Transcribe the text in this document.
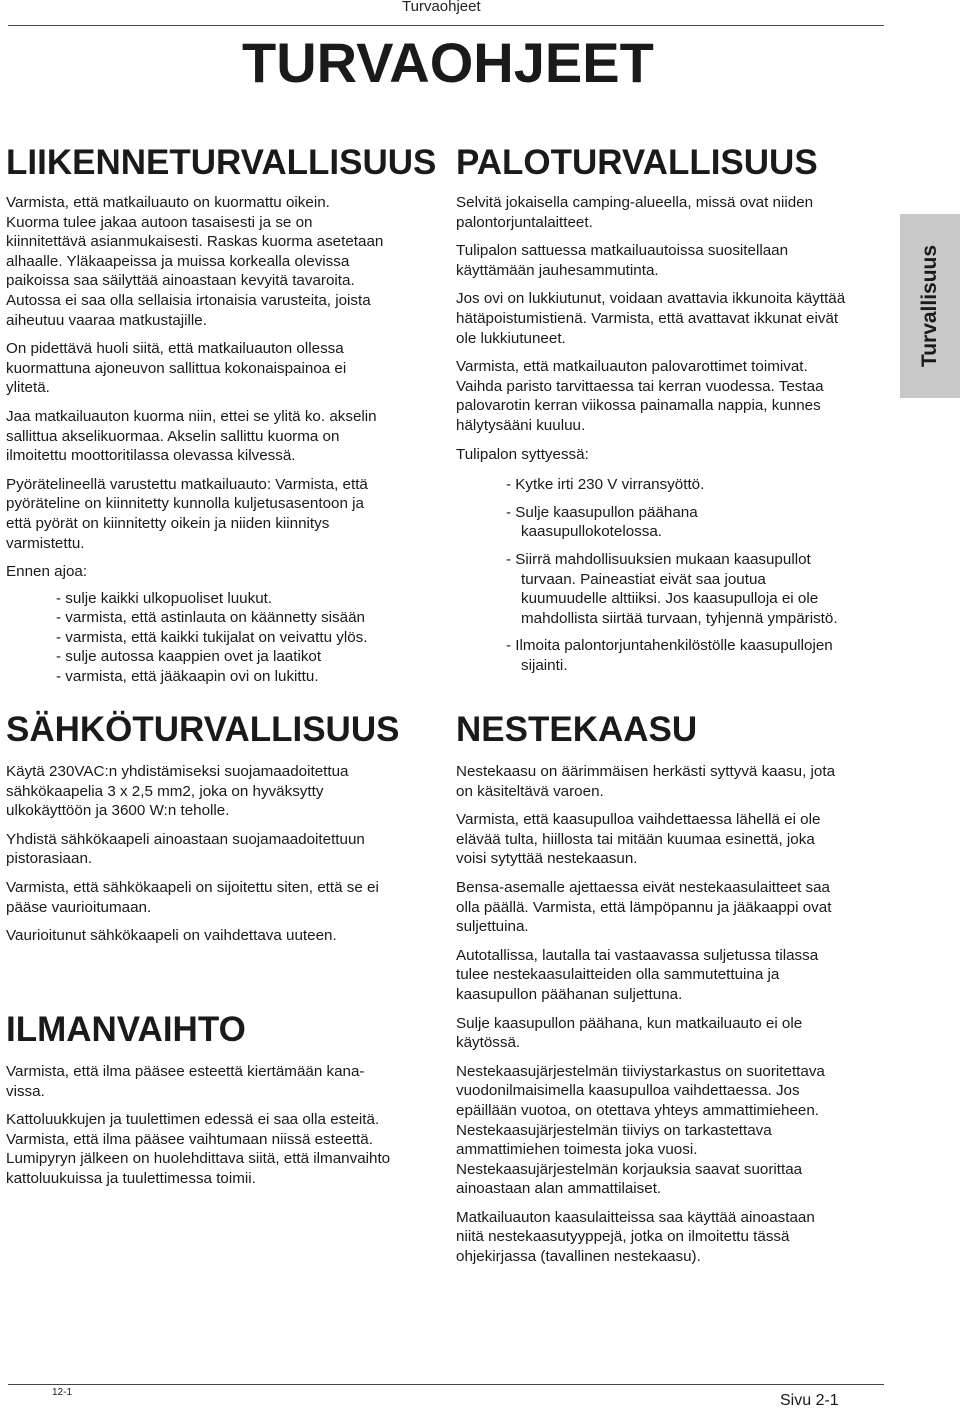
Turvaohjeet
TURVAOHJEET
Turvallisuus
LIIKENNETURVALLISUUS

Varmista, että matkailuauto on kuormattu oikein.
Kuorma tulee jakaa autoon tasaisesti ja se on
kiinnitettävä asianmukaisesti. Raskas kuorma asetetaan
alhaalle. Yläkaapeissa ja muissa korkealla olevissa
paikoissa saa säilyttää ainoastaan kevyitä tavaroita.
Autossa ei saa olla sellaisia irtonaisia varusteita, joista
aiheutuu vaaraa matkustajille.

On pidettävä huoli siitä, että matkailuauton ollessa
kuormattuna ajoneuvon sallittua kokonaispainoa ei
ylitetä.

Jaa matkailuauton kuorma niin, ettei se ylitä ko. akselin
sallittua akselikuormaa. Akselin sallittu kuorma on
ilmoitettu moottoritilassa olevassa kilvessä.

Pyörätelineellä varustettu matkailuauto: Varmista, että
pyöräteline on kiinnitetty kunnolla kuljetusasentoon ja
että pyörät on kiinnitetty oikein ja niiden kiinnitys
varmistettu.

Ennen ajoa:

- sulje kaikki ulkopuoliset luukut.
- varmista, että astinlauta on käännetty sisään
- varmista, että kaikki tukijalat on veivattu ylös.
- sulje autossa kaappien ovet ja laatikot
- varmista, että jääkaapin ovi on lukittu.
SÄHKÖTURVALLISUUS

Käytä 230VAC:n yhdistämiseksi suojamaadoitettua
sähkökaapelia 3 x 2,5 mm2, joka on hyväksytty
ulkokäyttöön ja 3600 W:n teholle.

Yhdistä sähkökaapeli ainoastaan suojamaadoitettuun
pistorasiaan.

Varmista, että sähkökaapeli on sijoitettu siten, että se ei
pääse vaurioitumaan.

Vaurioitunut sähkökaapeli on vaihdettava uuteen.

ILMANVAIHTO

Varmista, että ilma pääsee esteettä kiertämään kana-
vissa.

Kattoluukkujen ja tuulettimen edessä ei saa olla esteitä.
Varmista, että ilma pääsee vaihtumaan niissä esteettä.
Lumipyryn jälkeen on huolehdittava siitä, että ilmanvaihto
kattoluukuissa ja tuulettimessa toimii.

PALOTURVALLISUUS

Selvitä jokaisella camping-alueella, missä ovat niiden
palontorjuntalaitteet.

Tulipalon sattuessa matkailuautoissa suositellaan
käyttämään jauhesammutinta.

Jos ovi on lukkiutunut, voidaan avattavia ikkunoita käyttää
hätäpoistumistienä. Varmista, että avattavat ikkunat eivät
ole lukkiutuneet.

Varmista, että matkailuauton palovarottimet toimivat.
Vaihda paristo tarvittaessa tai kerran vuodessa. Testaa
palovarotin kerran viikossa painamalla nappia, kunnes
hälytysääni kuuluu.

Tulipalon syttyessä:

- Kytke irti 230 V virransyöttö.
- Sulje kaasupullon päähana
kaasupullokotelossa.
- Siirrä mahdollisuuksien mukaan kaasupullot
turvaan. Paineastiat eivät saa joutua
kuumuudelle alttiiksi. Jos kaasupulloja ei ole
mahdollista siirtää turvaan, tyhjennä ympäristö.
- Ilmoita palontorjuntahenkilöstölle kaasupullojen
sijainti.
NESTEKAASU

Nestekaasu on äärimmäisen herkästi syttyvä kaasu, jota
on käsiteltävä varoen.

Varmista, että kaasupulloa vaihdettaessa lähellä ei ole
elävää tulta, hiillosta tai mitään kuumaa esinettä, joka
voisi sytyttää nestekaasun.

Bensa-asemalle ajettaessa eivät nestekaasulaitteet saa
olla päällä. Varmista, että lämpöpannu ja jääkaappi ovat
suljettuina.

Autotallissa, lautalla tai vastaavassa suljetussa tilassa
tulee nestekaasulaitteiden olla sammutettuina ja
kaasupullon päähanan suljettuna.

Sulje kaasupullon päähana, kun matkailuauto ei ole
käytössä.

Nestekaasujärjestelmän tiiviystarkastus on suoritettava
vuodonilmaisimella kaasupulloa vaihdettaessa. Jos
epäillään vuotoa, on otettava yhteys ammattimieheen.
Nestekaasujärjestelmän tiiviys on tarkastettava
ammattimiehen toimesta joka vuosi.
Nestekaasujärjestelmän korjauksia saavat suorittaa
ainoastaan alan ammattilaiset.

Matkailuauton kaasulaitteissa saa käyttää ainoastaan
niitä nestekaasutyyppejä, jotka on ilmoitettu tässä
ohjekirjassa (tavallinen nestekaasu).

12-1	Sivu 2-1
